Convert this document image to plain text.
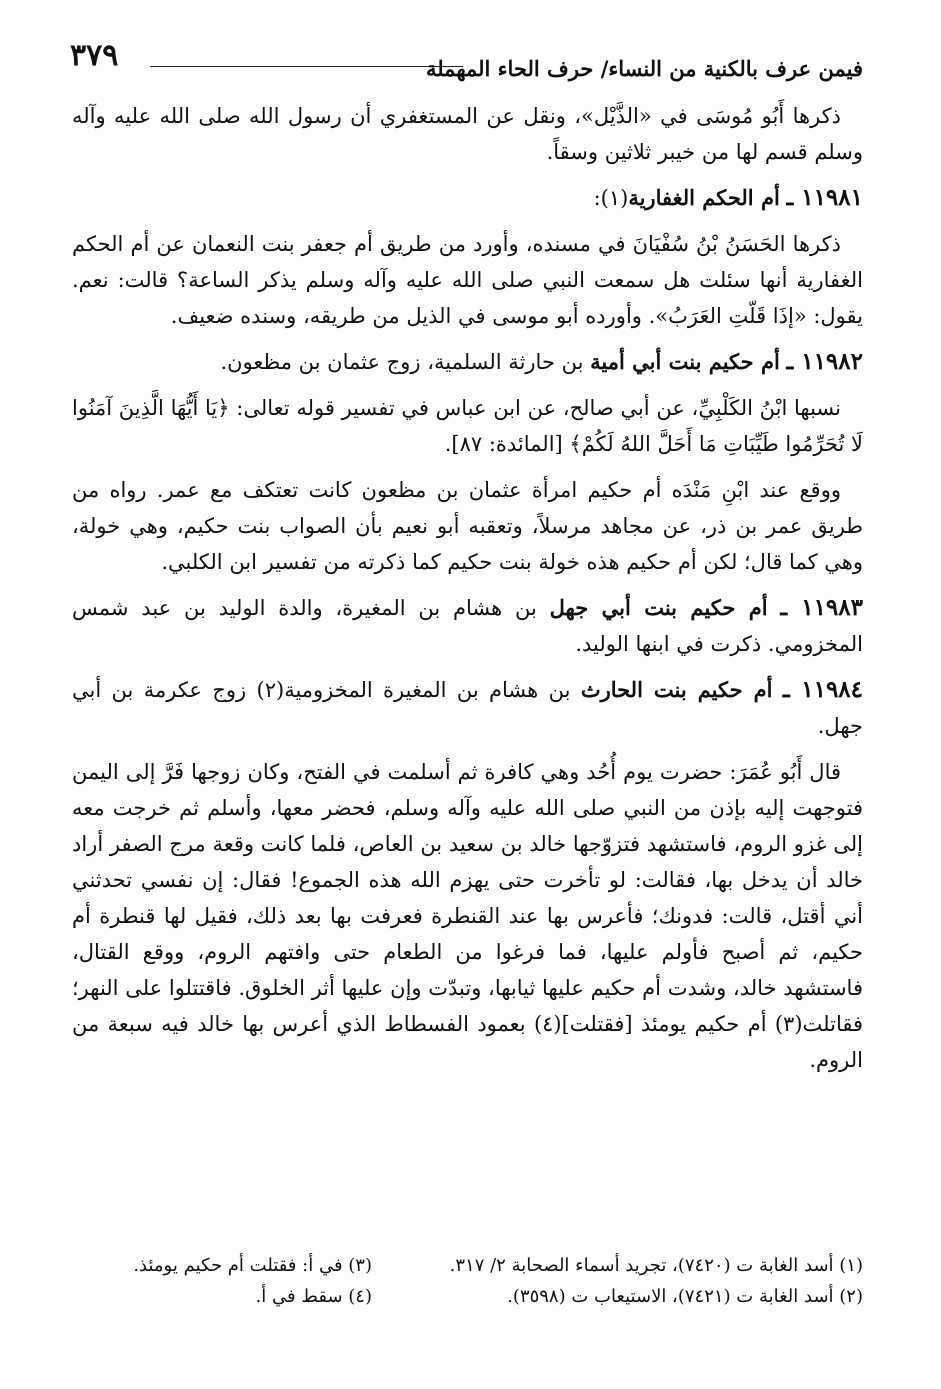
٣٧٩	فيمن عرف بالكنية من النساء/ حرف الحاء المهملة

ذكرها أَبُو مُوسَى في «الذَّيْل»، ونقل عن المستغفري أن رسول الله صلى الله عليه وآله وسلم قسم لها من خيبر ثلاثين وسقاً.

١١٩٨١ ـ أم الحكم الغفارية(١):

ذكرها الحَسَنُ بْنُ سُفْيَانَ في مسنده، وأورد من طريق أم جعفر بنت النعمان عن أم الحكم الغفارية أنها سئلت هل سمعت النبي صلى الله عليه وآله وسلم يذكر الساعة؟ قالت: نعم. يقول: «إذَا قَلّتِ العَرَبُ». وأورده أبو موسى في الذيل من طريقه، وسنده ضعيف.

١١٩٨٢ ـ أم حكيم بنت أبي أمية بن حارثة السلمية، زوج عثمان بن مظعون.

نسبها ابْنُ الكَلْبِيِّ، عن أبي صالح، عن ابن عباس في تفسير قوله تعالى: ﴿يَا أَيُّهَا الَّذِينَ آمَنُوا لَا تُحَرِّمُوا طَيِّبَاتِ مَا أَحَلَّ اللهُ لَكُمْ﴾ [المائدة: ٨٧].

ووقع عند ابْنِ مَنْدَه أم حكيم امرأة عثمان بن مظعون كانت تعتكف مع عمر. رواه من طريق عمر بن ذر، عن مجاهد مرسلاً، وتعقبه أبو نعيم بأن الصواب بنت حكيم، وهي خولة، وهي كما قال؛ لكن أم حكيم هذه خولة بنت حكيم كما ذكرته من تفسير ابن الكلبي.

١١٩٨٣ ـ أم حكيم بنت أبي جهل بن هشام بن المغيرة، والدة الوليد بن عبد شمس المخزومي. ذكرت في ابنها الوليد.

١١٩٨٤ ـ أم حكيم بنت الحارث بن هشام بن المغيرة المخزومية(٢) زوج عكرمة بن أبي جهل.

قال أَبُو عُمَرَ: حضرت يوم أُحُد وهي كافرة ثم أسلمت في الفتح، وكان زوجها فَرَّ إلى اليمن فتوجهت إليه بإذن من النبي صلى الله عليه وآله وسلم، فحضر معها، وأسلم ثم خرجت معه إلى غزو الروم، فاستشهد فتزوّجها خالد بن سعيد بن العاص، فلما كانت وقعة مرج الصفر أراد خالد أن يدخل بها، فقالت: لو تأخرت حتى يهزم الله هذه الجموع! فقال: إن نفسي تحدثني أني أقتل، قالت: فدونك؛ فأعرس بها عند القنطرة فعرفت بها بعد ذلك، فقيل لها قنطرة أم حكيم، ثم أصبح فأولم عليها، فما فرغوا من الطعام حتى وافتهم الروم، ووقع القتال، فاستشهد خالد، وشدت أم حكيم عليها ثيابها، وتبدّت وإن عليها أثر الخلوق. فاقتتلوا على النهر؛ فقاتلت(٣) أم حكيم يومئذ [فقتلت](٤) بعمود الفسطاط الذي أعرس بها خالد فيه سبعة من الروم.

(١) أسد الغابة ت (٧٤٢٠)، تجريد أسماء الصحابة ٢/ ٣١٧.
(٢) أسد الغابة ت (٧٤٢١)، الاستيعاب ت (٣٥٩٨).
(٣) في أ: فقتلت أم حكيم يومئذ.
(٤) سقط في أ.
